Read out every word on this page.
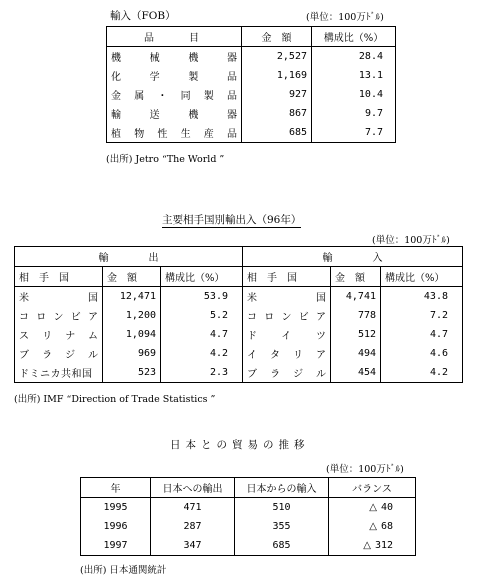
輸入（FOB）	(単位：100万ﾄﾞﾙ)
品　　目	金　額	構成比（%）
機械機器	2,527	28.4
化学製品	1,169	13.1
金属・同製品	927	10.4
輸送機器	867	9.7
植物性生産品	685	7.7
(出所) Jetro “The World ”
主要相手国別輸出入（96年）
(単位：100万ﾄﾞﾙ)
輸　　　　出			輸　　　　入		
相　手　国	金　額	構成比（%）	相　手　国	金　額	構成比（%）
米　　国	12,471	53.9	米　　国	4,741	43.8
コロンビア	1,200	5.2	コロンビア	778	7.2
スリナム	1,094	4.7	ドイツ	512	4.7
ブラジル	969	4.2	イタリア	494	4.6
ドミニカ共和国	523	2.3	ブラジル	454	4.2
(出所) IMF “Direction of Trade Statistics ”
日本との貿易の推移
(単位：100万ﾄﾞﾙ)
年	日本への輸出	日本からの輸入	バランス
1995	471	510	△ 40
1996	287	355	△ 68
1997	347	685	△ 312
(出所) 日本通関統計
